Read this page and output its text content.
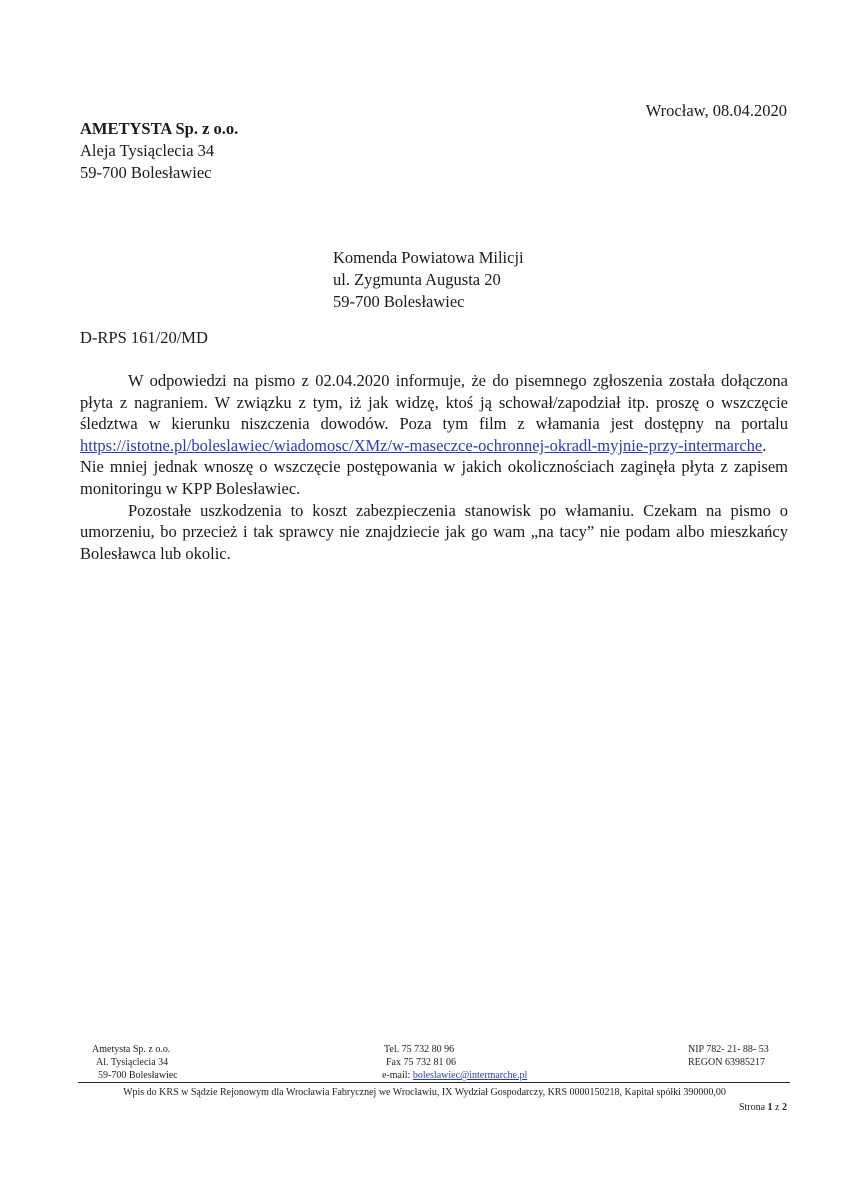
Wrocław, 08.04.2020
AMETYSTA Sp. z o.o.
Aleja Tysiąclecia 34
59-700 Bolesławiec
Komenda Powiatowa Milicji
ul. Zygmunta Augusta 20
59-700 Bolesławiec
D-RPS 161/20/MD

W odpowiedzi na pismo z 02.04.2020 informuje, że do pisemnego zgłoszenia została dołączona płyta z nagraniem. W związku z tym, iż jak widzę, ktoś ją schował/zapodział itp. proszę o wszczęcie śledztwa w kierunku niszczenia dowodów. Poza tym film z włamania jest dostępny na portalu https://istotne.pl/boleslawiec/wiadomosc/XMz/w-maseczce-ochronnej-okradl-myjnie-przy-intermarche. Nie mniej jednak wnoszę o wszczęcie postępowania w jakich okolicznościach zaginęła płyta z zapisem monitoringu w KPP Bolesławiec.

Pozostałe uszkodzenia to koszt zabezpieczenia stanowisk po włamaniu. Czekam na pismo o umorzeniu, bo przecież i tak sprawcy nie znajdziecie jak go wam „na tacy” nie podam albo mieszkańcy Bolesławca lub okolic.

Ametysta Sp. z o.o.
Al. Tysiąclecia 34
59-700 Bolesławiec
Tel. 75 732 80 96
Fax 75 732 81 06
e-mail: boleslawiec@intermarche.pl
NIP 782- 21- 88- 53
REGON 63985217
Wpis do KRS w Sądzie Rejonowym dla Wrocławia Fabrycznej we Wrocławiu, IX Wydział Gospodarczy, KRS 0000150218, Kapitał spółki 390000,00
Strona 1 z 2
